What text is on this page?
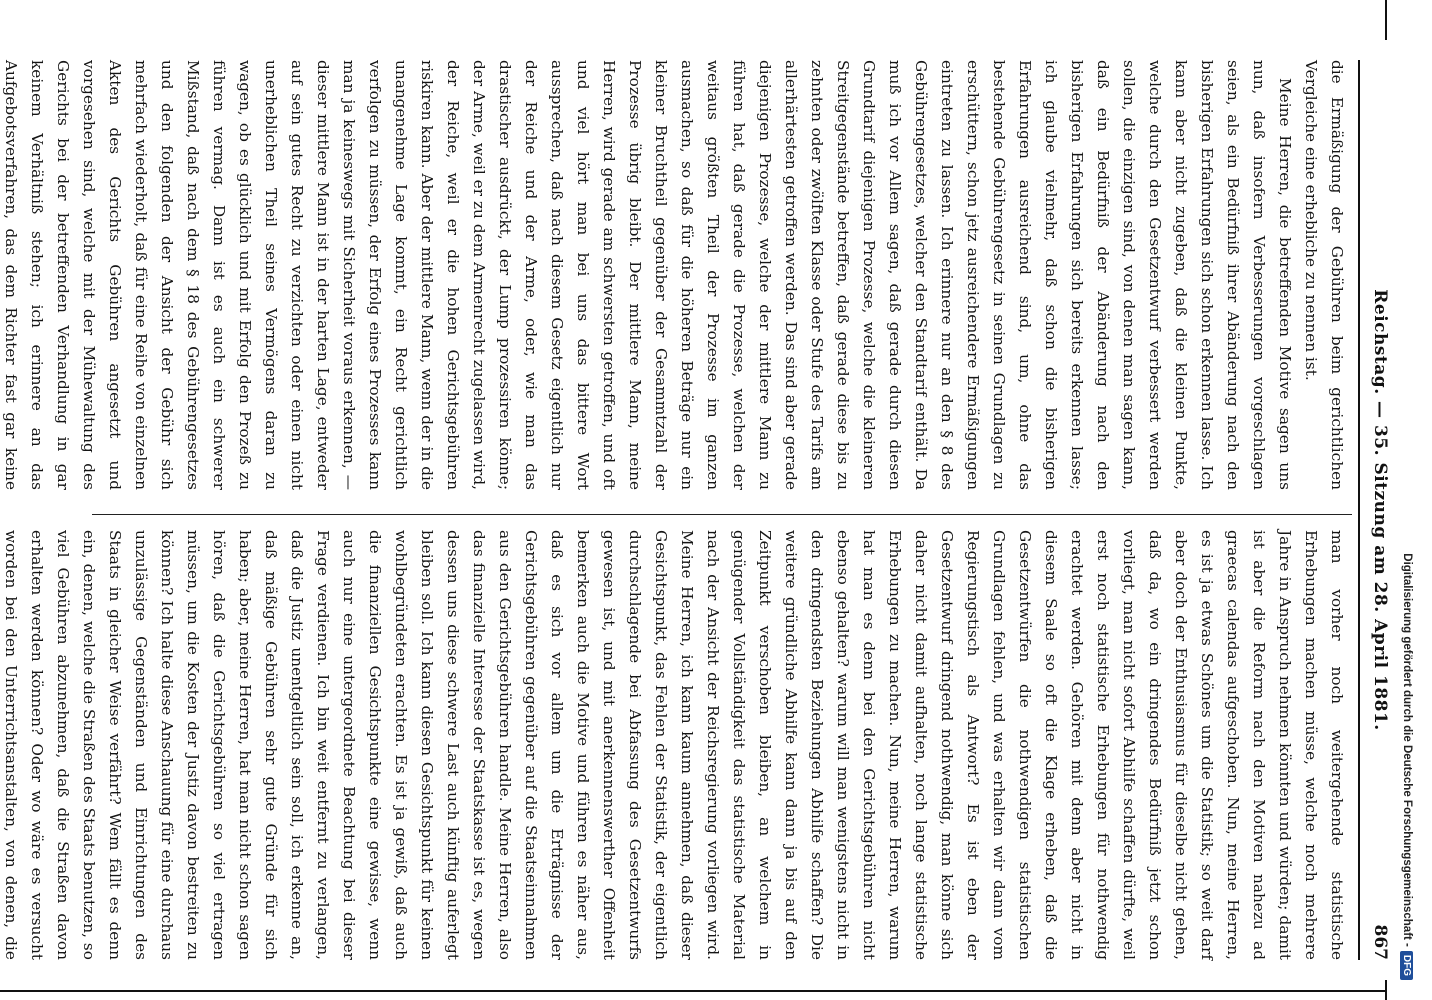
Reichstag. — 35. Sitzung am 28. April 1881.
867

die Ermäßigung der Gebühren beim gerichtlichen Vergleiche eine erhebliche zu nennen ist.

Meine Herren, die betreffenden Motive sagen uns nun, daß insofern Verbesserungen vorgeschlagen seien, als ein Bedürfniß ihrer Abänderung nach den bisherigen Erfahrungen sich schon erkennen lasse. Ich kann aber nicht zugeben, daß die kleinen Punkte, welche durch den Gesetzentwurf verbessert werden sollen, die einzigen sind, von denen man sagen kann, daß ein Bedürfniß der Abänderung nach den bisherigen Erfahrungen sich bereits erkennen lasse; ich glaube vielmehr, daß schon die bisherigen Erfahrungen ausreichend sind, um, ohne das bestehende Gebührengesetz in seinen Grundlagen zu erschüttern, schon jetz ausreichendere Ermäßigungen eintreten zu lassen. Ich erinnere nur an den § 8 des Gebührengesetzes, welcher den Standtarif enthält. Da muß ich vor Allem sagen, daß gerade durch diesen Grundtarif diejenigen Prozesse, welche die kleineren Streitgegenstände betreffen, daß gerade diese bis zu zehnten oder zwölften Klasse oder Stufe des Tarifs am allerhärtesten getroffen werden. Das sind aber gerade diejenigen Prozesse, welche der mittlere Mann zu führen hat, daß gerade die Prozesse, welchen der weitaus größten Theil der Prozesse im ganzen ausmachen, so daß für die höheren Beträge nur ein kleiner Bruchtheil gegenüber der Gesammtzahl der Prozesse übrig bleibt. Der mittlere Mann, meine Herren, wird gerade am schwersten getroffen, und oft und viel hört man bei uns das bittere Wort aussprechen, daß nach diesem Gesetz eigentlich nur der Reiche und der Arme, oder, wie man das drastischer ausdrückt, der Lump prozessiren könne; der Arme, weil er zu dem Armenrecht zugelassen wird, der Reiche, weil er die hohen Gerichtsgebühren riskiren kann. Aber der mittlere Mann, wenn der in die unangenehme Lage kommt, ein Recht gerichtlich verfolgen zu müssen, der Erfolg eines Prozesses kann man ja keineswegs mit Sicherheit voraus erkennen, — dieser mittlere Mann ist in der harten Lage, entweder auf sein gutes Recht zu verzichten oder einen nicht unerheblichen Theil seines Vermögens daran zu wagen, ob es glücklich und mit Erfolg den Prozeß zu führen vermag. Dann ist es auch ein schwerer Mißstand, daß nach dem § 18 des Gebührengesetzes und den folgenden der Ansicht der Gebühr sich mehrfach wiederholt, daß für eine Reihe von einzelnen Akten des Gerichts Gebühren angesetzt und vorgesehen sind, welche mit der Mühewaltung des Gerichts bei der betreffenden Verhandlung in gar keinem Verhältniß stehen; ich erinnere an das Aufgebotsverfahren, das dem Richter fast gar keine

man vorher noch weitergehende statistische Erhebungen machen müsse, welche noch mehrere Jahre in Anspruch nehmen könnten und würden; damit ist aber die Reform nach den Motiven nahezu ad graecas calendas aufgeschoben. Nun, meine Herren, es ist ja etwas Schönes um die Statistik; so weit darf aber doch der Enthusiasmus für dieselbe nicht gehen, daß da, wo ein dringendes Bedürfniß jetzt schon vorliegt, man nicht sofort Abhilfe schaffen dürfte, weil erst noch statistische Erhebungen für nothwendig erachtet werden. Gehören mit denn aber nicht in diesem Saale so oft die Klage erheben, daß die Gesetzentwürfen die nothwendigen statistischen Grundlagen fehlen, und was erhalten wir dann vom Regierungstisch als Antwort? Es ist eben der Gesetzentwurf dringend nothwendig, man könne sich daher nicht damit aufhalten, noch lange statistische Erhebungen zu machen. Nun, meine Herren, warum hat man es denn bei den Gerichtsgebühren nicht ebenso gehalten? warum will man wenigstens nicht in den dringendsten Beziehungen Abhilfe schaffen? Die weitere gründliche Abhilfe kann dann ja bis auf den Zeitpunkt verschoben bleiben, an welchem in genügender Vollständigkeit das statistische Material nach der Ansicht der Reichsregierung vorliegen wird. Meine Herren, ich kann kaum annehmen, daß dieser Gesichtspunkt, das Fehlen der Statistik, der eigentlich durchschlagende bei Abfassung des Gesetzentwurfs gewesen ist, und mit anerkennenswerther Offenheit bemerken auch die Motive und führen es näher aus, daß es sich vor allem um die Erträgnisse der Gerichtsgebühren gegenüber auf die Staatseinnahmen aus den Gerichtsgebühren handle. Meine Herren, also das finanzielle Interesse der Staatskasse ist es, wegen dessen uns diese schwere Last auch künftig auferlegt bleiben soll. Ich kann diesen Gesichtspunkt für keinen wohlbegründeten erachten. Es ist ja gewiß, daß auch die finanziellen Gesichtspunkte eine gewisse, wenn auch nur eine untergeordnete Beachtung bei dieser Frage verdienen. Ich bin weit entfernt zu verlangen, daß die Justiz unentgeltlich sein soll, ich erkenne an, daß mäßige Gebühren sehr gute Gründe für sich haben; aber, meine Herren, hat man nicht schon sagen hören, daß die Gerichtsgebühren so viel ertragen müssen, um die Kosten der Justiz davon bestreiten zu können? Ich halte diese Anschauung für eine durchaus unzulässige Gegenständen und Einrichtungen des Staats in gleicher Weise verfährt? Wem fällt es denn ein, denen, welche die Straßen des Staats benutzen, so viel Gebühren abzunehmen, daß die Straßen davon erhalten werden können? Oder wo wäre es versucht worden bei den Unterrichtsanstalten, von denen, die

Digitalisierung gefördert durch die Deutsche Forschungsgemeinschaft -
DFG
